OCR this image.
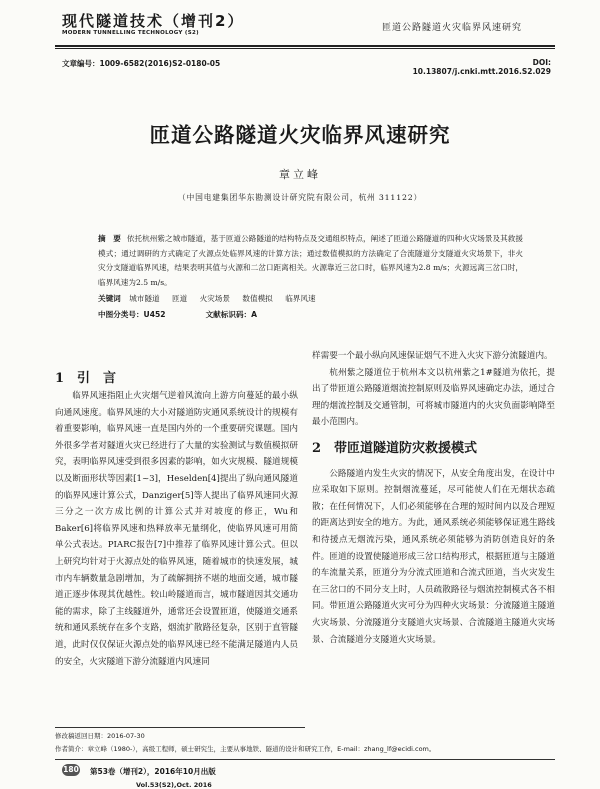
现代隧道技术（增刊2）
MODERN TUNNELLING TECHNOLOGY (S2)	匝道公路隧道火灾临界风速研究
文章编号：1009-6582(2016)S2-0180-05	DOI: 10.13807/j.cnki.mtt.2016.S2.029
匝道公路隧道火灾临界风速研究
章立峰
（中国电建集团华东勘测设计研究院有限公司，杭州 311122）
摘　要 依托杭州紫之城市隧道，基于匝道公路隧道的结构特点及交通组织特点，阐述了匝道公路隧道的四种火灾场景及其救援模式；通过调研的方式确定了火源点处临界风速的计算方法；通过数值模拟的方法确定了合流隧道分支隧道火灾场景下，非火灾分支隧道临界风速，结果表明其值与火源和二岔口距离相关。火源靠近三岔口时，临界风速为2.8 m/s；火源远离三岔口时，临界风速为2.5 m/s。
关键词 城市隧道 匝道 火灾场景 数值模拟 临界风速
中图分类号：U452	文献标识码：A
1　引　言

临界风速指阻止火灾烟气逆着风流向上游方向蔓延的最小纵向通风速度。临界风速的大小对隧道防灾通风系统设计的规模有着重要影响，临界风速一直是国内外的一个重要研究课题。国内外很多学者对隧道火灾已经进行了大量的实验测试与数值模拟研究，表明临界风速受到很多因素的影响，如火灾规模、隧道规模以及断面形状等因素[1~3]，Heselden[4]提出了纵向通风隧道的临界风速计算公式，Danziger[5]等人提出了临界风速同火源三分之一次方成比例的计算公式并对坡度的修正，Wu和Baker[6]将临界风速和热释放率无量纲化，使临界风速可用简单公式表达。PIARC报告[7]中推荐了临界风速计算公式。但以上研究均针对于火源点处的临界风速，随着城市的快速发展，城市内车辆数量急剧增加，为了疏解拥挤不堪的地面交通，城市隧道正逐步体现其优越性。较山岭隧道而言，城市隧道因其交通功能的需求，除了主线隧道外，通常还会设置匝道，使隧道交通系统和通风系统存在多个支路，烟流扩散路径复杂，区别于直管隧道，此时仅仅保证火源点处的临界风速已经不能满足隧道内人员的安全，火灾隧道下游分流隧道内风速同

样需要一个最小纵向风速保证烟气不进入火灾下游分流隧道内。

杭州紫之隧道位于杭州本文以杭州紫之1#隧道为依托，提出了带匝道公路隧道烟流控制原则及临界风速确定办法，通过合理的烟流控制及交通管制，可将城市隧道内的火灾负面影响降至最小范围内。

2　带匝道隧道防灾救援模式

公路隧道内发生火灾的情况下，从安全角度出发，在设计中应采取如下原则。控制烟流蔓延，尽可能使人们在无烟状态疏散；在任何情况下，人们必须能够在合理的短时间内以及合理短的距离达到安全的地方。为此，通风系统必须能够保证逃生路线和待援点无烟流污染，通风系统必须能够为消防创造良好的条件。匝道的设置使隧道形成三岔口结构形式，根据匝道与主隧道的车流量关系，匝道分为分流式匝道和合流式匝道，当火灾发生在三岔口的不同分支上时，人员疏散路径与烟流控制模式各不相同。带匝道公路隧道火灾可分为四种火灾场景：分流隧道主隧道火灾场景、分流隧道分支隧道火灾场景、合流隧道主隧道火灾场景、合流隧道分支隧道火灾场景。

修改稿返回日期：2016-07-30
作者简介：章立峰（1980-），高级工程师，硕士研究生，主要从事地铁、隧道的设计和研究工作，E-mail：zhang_lf@ecidi.com。
180 第53卷（增刊2），2016年10月出版
Vol.53(S2),Oct. 2016
